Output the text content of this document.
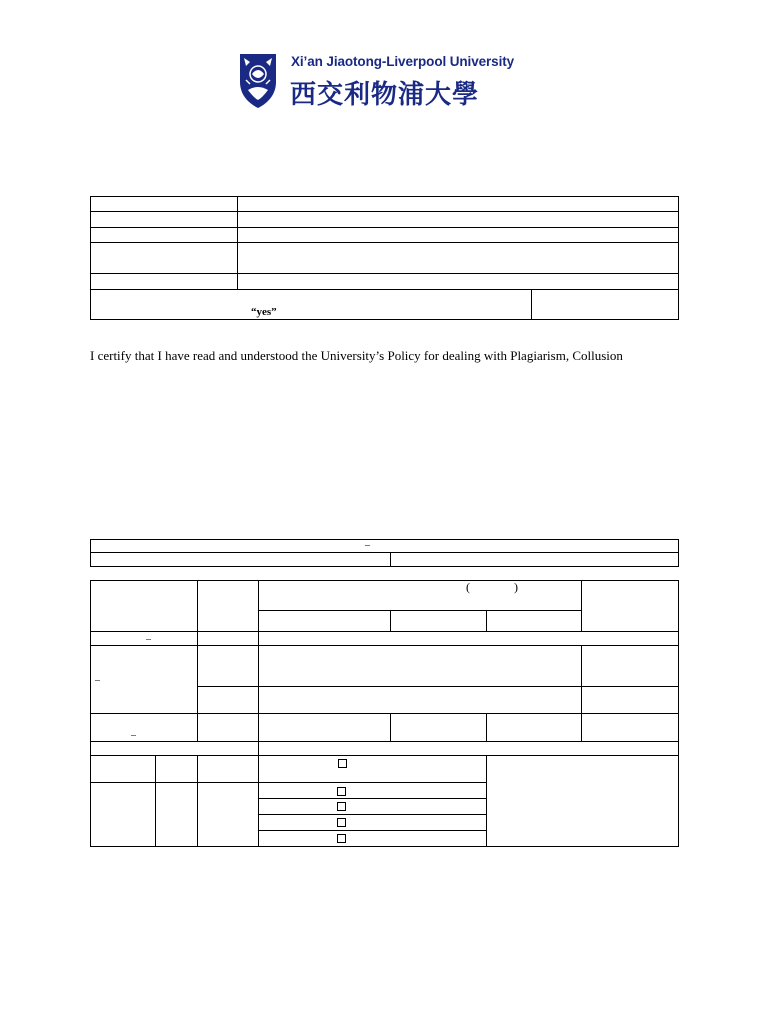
Xi’an Jiaotong-Liverpool University
西交利物浦大學
“yes”
I certify that I have read and understood the University’s Policy for dealing with Plagiarism, Collusion
–
(	)
–
–
–
